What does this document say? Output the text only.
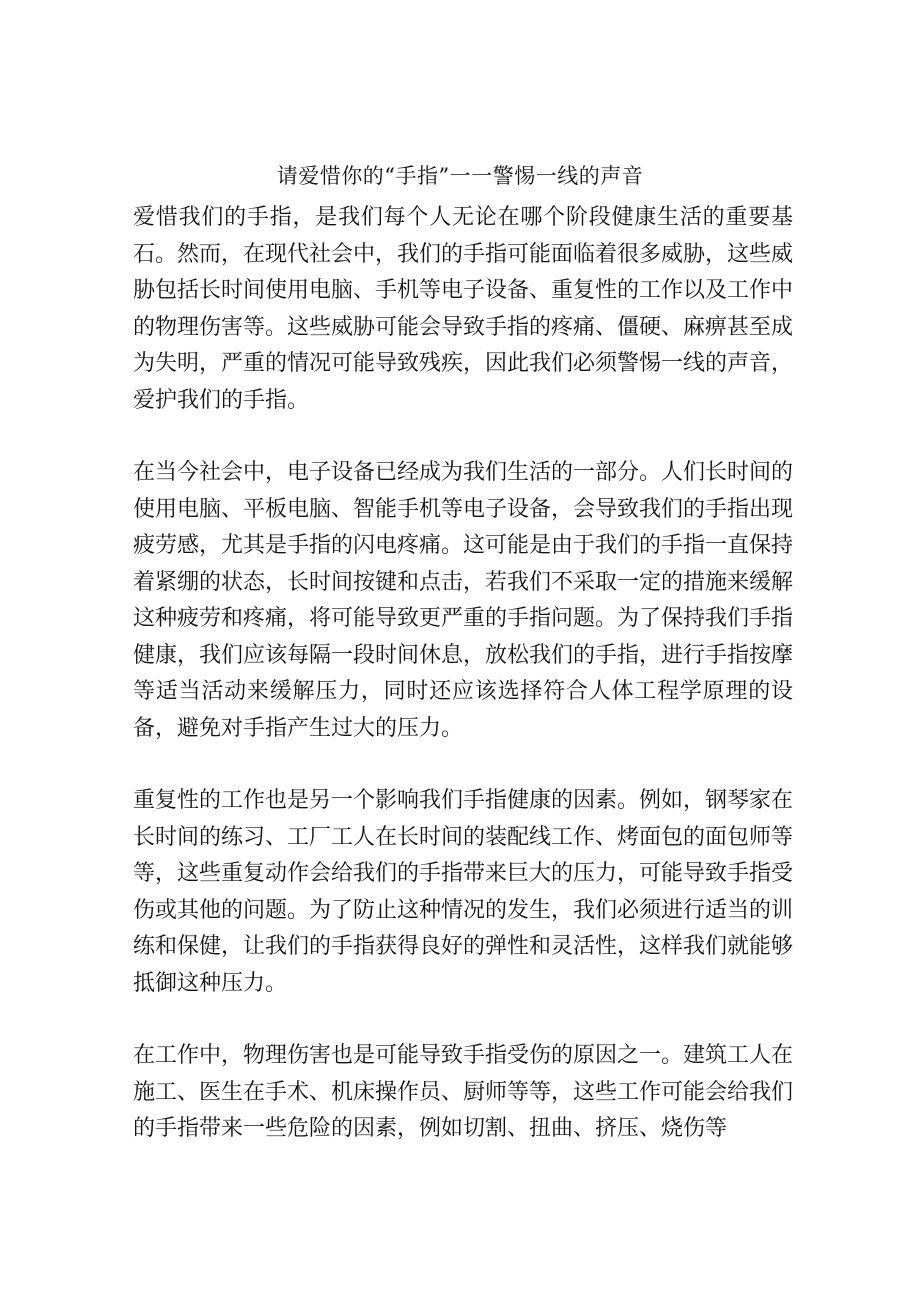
请爱惜你的“手指”一一警惕一线的声音

爱惜我们的手指，是我们每个人无论在哪个阶段健康生活的重要基石。然而，在现代社会中，我们的手指可能面临着很多威胁，这些威胁包括长时间使用电脑、手机等电子设备、重复性的工作以及工作中的物理伤害等。这些威胁可能会导致手指的疼痛、僵硬、麻痹甚至成为失明，严重的情况可能导致残疾，因此我们必须警惕一线的声音，爱护我们的手指。

在当今社会中，电子设备已经成为我们生活的一部分。人们长时间的使用电脑、平板电脑、智能手机等电子设备，会导致我们的手指出现疲劳感，尤其是手指的闪电疼痛。这可能是由于我们的手指一直保持着紧绷的状态，长时间按键和点击，若我们不采取一定的措施来缓解这种疲劳和疼痛，将可能导致更严重的手指问题。为了保持我们手指健康，我们应该每隔一段时间休息，放松我们的手指，进行手指按摩等适当活动来缓解压力，同时还应该选择符合人体工程学原理的设备，避免对手指产生过大的压力。

重复性的工作也是另一个影响我们手指健康的因素。例如，钢琴家在长时间的练习、工厂工人在长时间的装配线工作、烤面包的面包师等等，这些重复动作会给我们的手指带来巨大的压力，可能导致手指受伤或其他的问题。为了防止这种情况的发生，我们必须进行适当的训练和保健，让我们的手指获得良好的弹性和灵活性，这样我们就能够抵御这种压力。

在工作中，物理伤害也是可能导致手指受伤的原因之一。建筑工人在施工、医生在手术、机床操作员、厨师等等，这些工作可能会给我们的手指带来一些危险的因素，例如切割、扭曲、挤压、烧伤等
